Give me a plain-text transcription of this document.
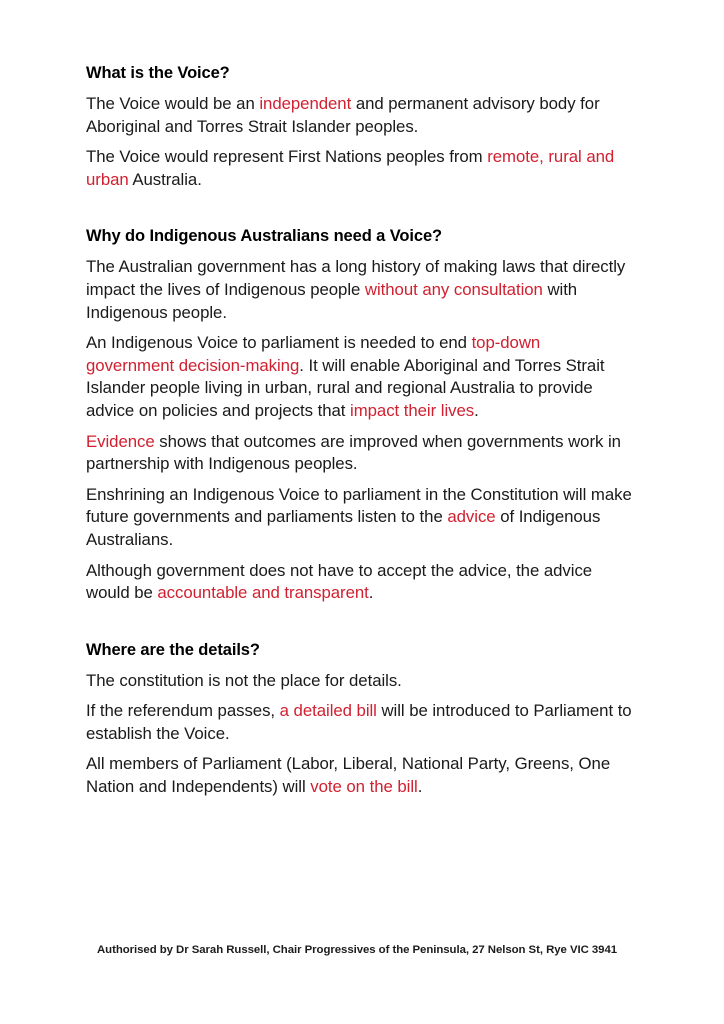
What is the Voice?

The Voice would be an independent and permanent advisory body for Aboriginal and Torres Strait Islander peoples.

The Voice would represent First Nations peoples from remote, rural and urban Australia.

Why do Indigenous Australians need a Voice?

The Australian government has a long history of making laws that directly impact the lives of Indigenous people without any consultation with Indigenous people.

An Indigenous Voice to parliament is needed to end top-down government decision-making. It will enable Aboriginal and Torres Strait Islander people living in urban, rural and regional Australia to provide advice on policies and projects that impact their lives.

Evidence shows that outcomes are improved when governments work in partnership with Indigenous peoples.

Enshrining an Indigenous Voice to parliament in the Constitution will make future governments and parliaments listen to the advice of Indigenous Australians.

Although government does not have to accept the advice, the advice would be accountable and transparent.

Where are the details?

The constitution is not the place for details.

If the referendum passes, a detailed bill will be introduced to Parliament to establish the Voice.

All members of Parliament (Labor, Liberal, National Party, Greens, One Nation and Independents) will vote on the bill.

Authorised by Dr Sarah Russell, Chair Progressives of the Peninsula, 27 Nelson St, Rye VIC 3941
